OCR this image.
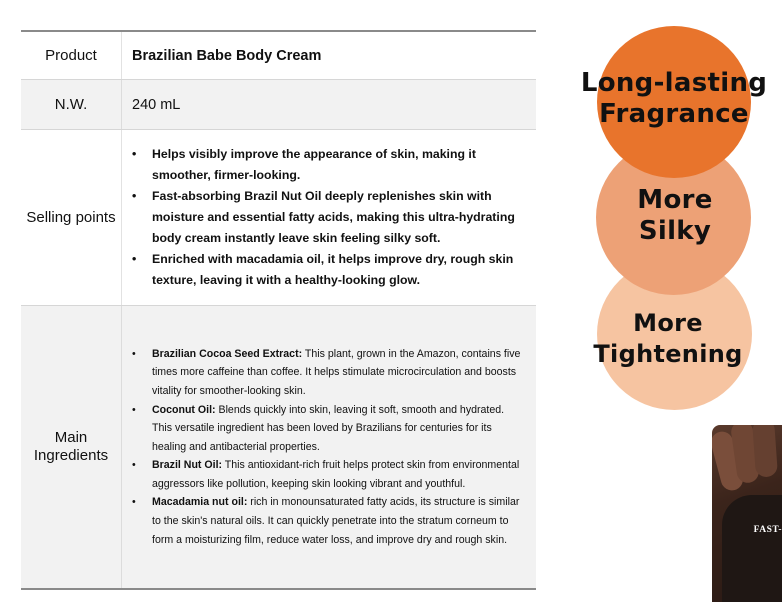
Product	Brazilian Babe Body Cream
N.W.	240 mL
Selling points
• Helps visibly improve the appearance of skin, making it smoother, firmer-looking.
• Fast-absorbing Brazil Nut Oil deeply replenishes skin with moisture and essential fatty acids, making this ultra-hydrating body cream instantly leave skin feeling silky soft.
• Enriched with macadamia oil, it helps improve dry, rough skin texture, leaving it with a healthy-looking glow.
Main Ingredients
• Brazilian Cocoa Seed Extract: This plant, grown in the Amazon, contains five times more caffeine than coffee. It helps stimulate microcirculation and boosts vitality for smoother-looking skin.
• Coconut Oil: Blends quickly into skin, leaving it soft, smooth and hydrated. This versatile ingredient has been loved by Brazilians for centuries for its healing and antibacterial properties.
• Brazil Nut Oil: This antioxidant-rich fruit helps protect skin from environmental aggressors like pollution, keeping skin looking vibrant and youthful.
• Macadamia nut oil: rich in monounsaturated fatty acids, its structure is similar to the skin's natural oils. It can quickly penetrate into the stratum corneum to form a moisturizing film, reduce water loss, and improve dry and rough skin.
Long-lasting
Fragrance
More
Silky
More
Tightening
FAST-
